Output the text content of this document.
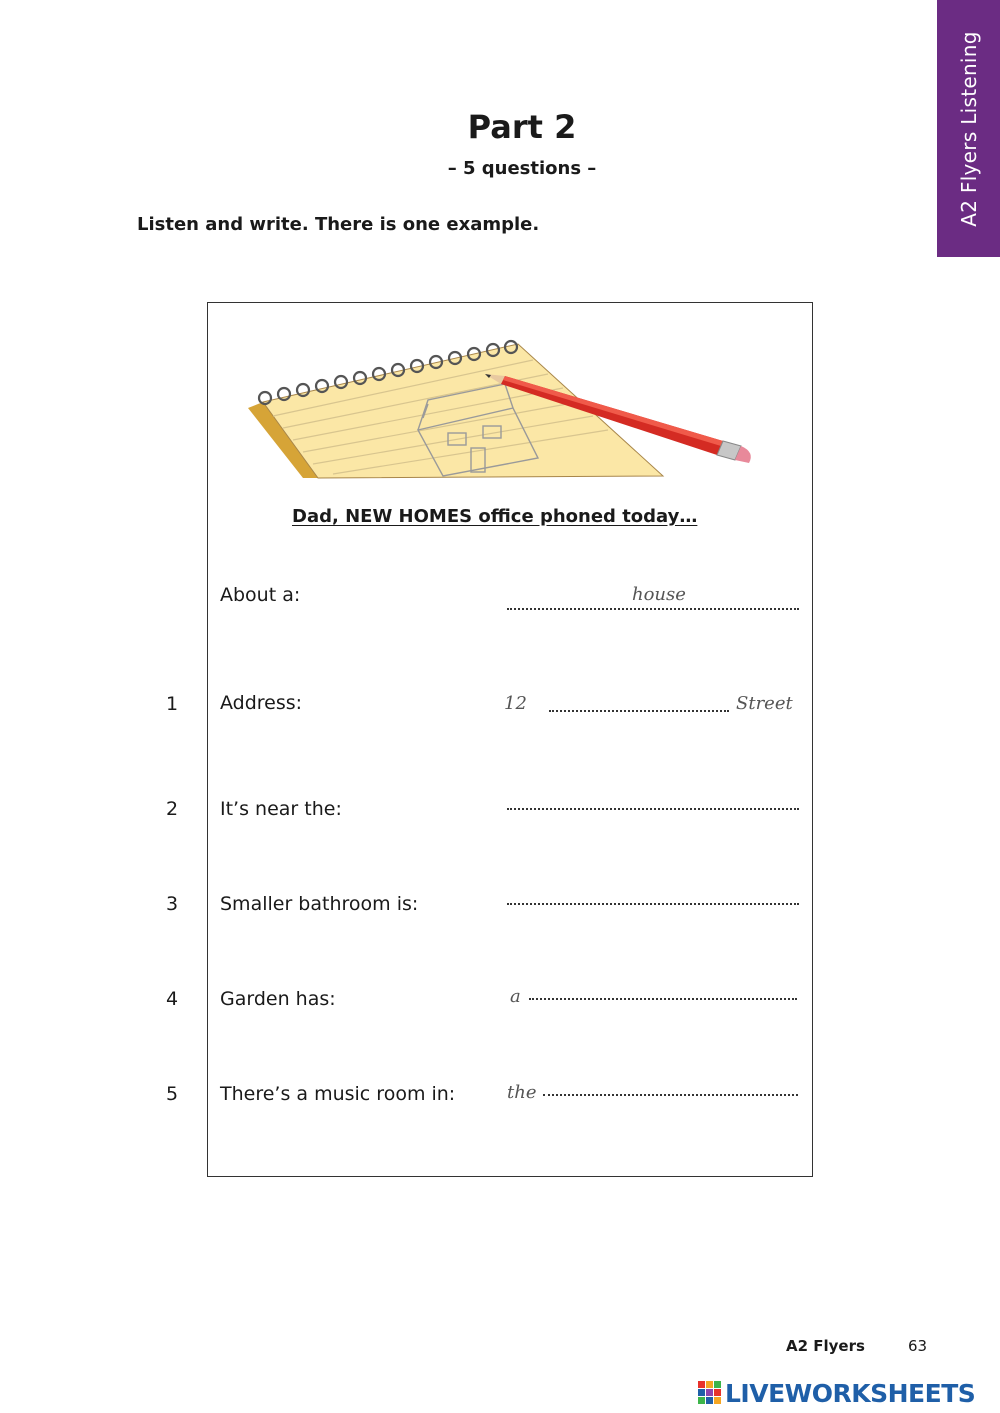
A2 Flyers Listening
Part 2
– 5 questions –
Listen and write. There is one example.
Dad, NEW HOMES office phoned today…
About a:	house
1	Address:	12	Street
2	It’s near the:
3	Smaller bathroom is:
4	Garden has:	a
5	There’s a music room in:	the
A2 Flyers	63
LIVEWORKSHEETS
